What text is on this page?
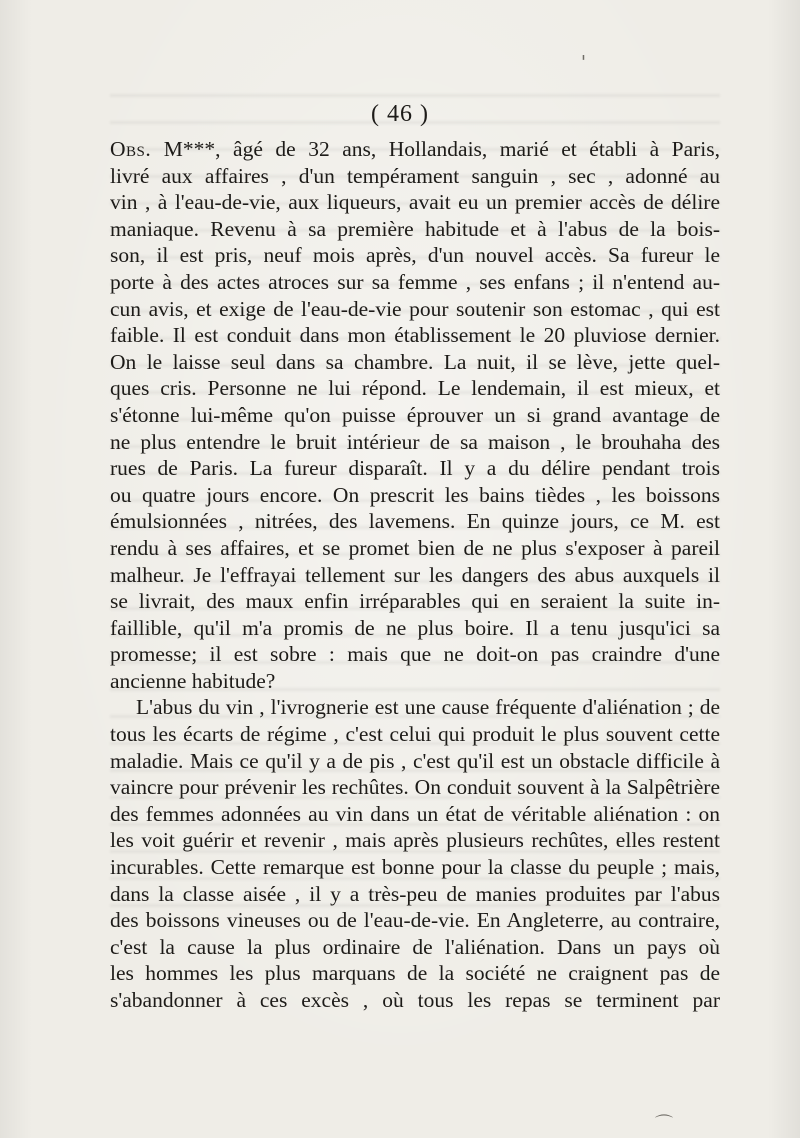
'
( 46 )
Obs. M***, âgé de 32 ans, Hollandais, marié et établi à Paris,
livré aux affaires , d'un tempérament sanguin , sec , adonné au
vin , à l'eau-de-vie, aux liqueurs, avait eu un premier accès de délire
maniaque. Revenu à sa première habitude et à l'abus de la bois-
son, il est pris, neuf mois après, d'un nouvel accès. Sa fureur le
porte à des actes atroces sur sa femme , ses enfans ; il n'entend au-
cun avis, et exige de l'eau-de-vie pour soutenir son estomac , qui est
faible. Il est conduit dans mon établissement le 20 pluviose dernier.
On le laisse seul dans sa chambre. La nuit, il se lève, jette quel-
ques cris. Personne ne lui répond. Le lendemain, il est mieux, et
s'étonne lui-même qu'on puisse éprouver un si grand avantage de
ne plus entendre le bruit intérieur de sa maison , le brouhaha des
rues de Paris. La fureur disparaît. Il y a du délire pendant trois
ou quatre jours encore. On prescrit les bains tièdes , les boissons
émulsionnées , nitrées, des lavemens. En quinze jours, ce M. est
rendu à ses affaires, et se promet bien de ne plus s'exposer à pareil
malheur. Je l'effrayai tellement sur les dangers des abus auxquels il
se livrait, des maux enfin irréparables qui en seraient la suite in-
faillible, qu'il m'a promis de ne plus boire. Il a tenu jusqu'ici sa
promesse; il est sobre : mais que ne doit-on pas craindre d'une
ancienne habitude?
L'abus du vin , l'ivrognerie est une cause fréquente d'aliénation ; de
tous les écarts de régime , c'est celui qui produit le plus souvent cette
maladie. Mais ce qu'il y a de pis , c'est qu'il est un obstacle difficile à
vaincre pour prévenir les rechûtes. On conduit souvent à la Salpêtrière
des femmes adonnées au vin dans un état de véritable aliénation : on
les voit guérir et revenir , mais après plusieurs rechûtes, elles restent
incurables. Cette remarque est bonne pour la classe du peuple ; mais,
dans la classe aisée , il y a très-peu de manies produites par l'abus
des boissons vineuses ou de l'eau-de-vie. En Angleterre, au contraire,
c'est la cause la plus ordinaire de l'aliénation. Dans un pays où
les hommes les plus marquans de la société ne craignent pas de
s'abandonner à ces excès , où tous les repas se terminent par
⌒
